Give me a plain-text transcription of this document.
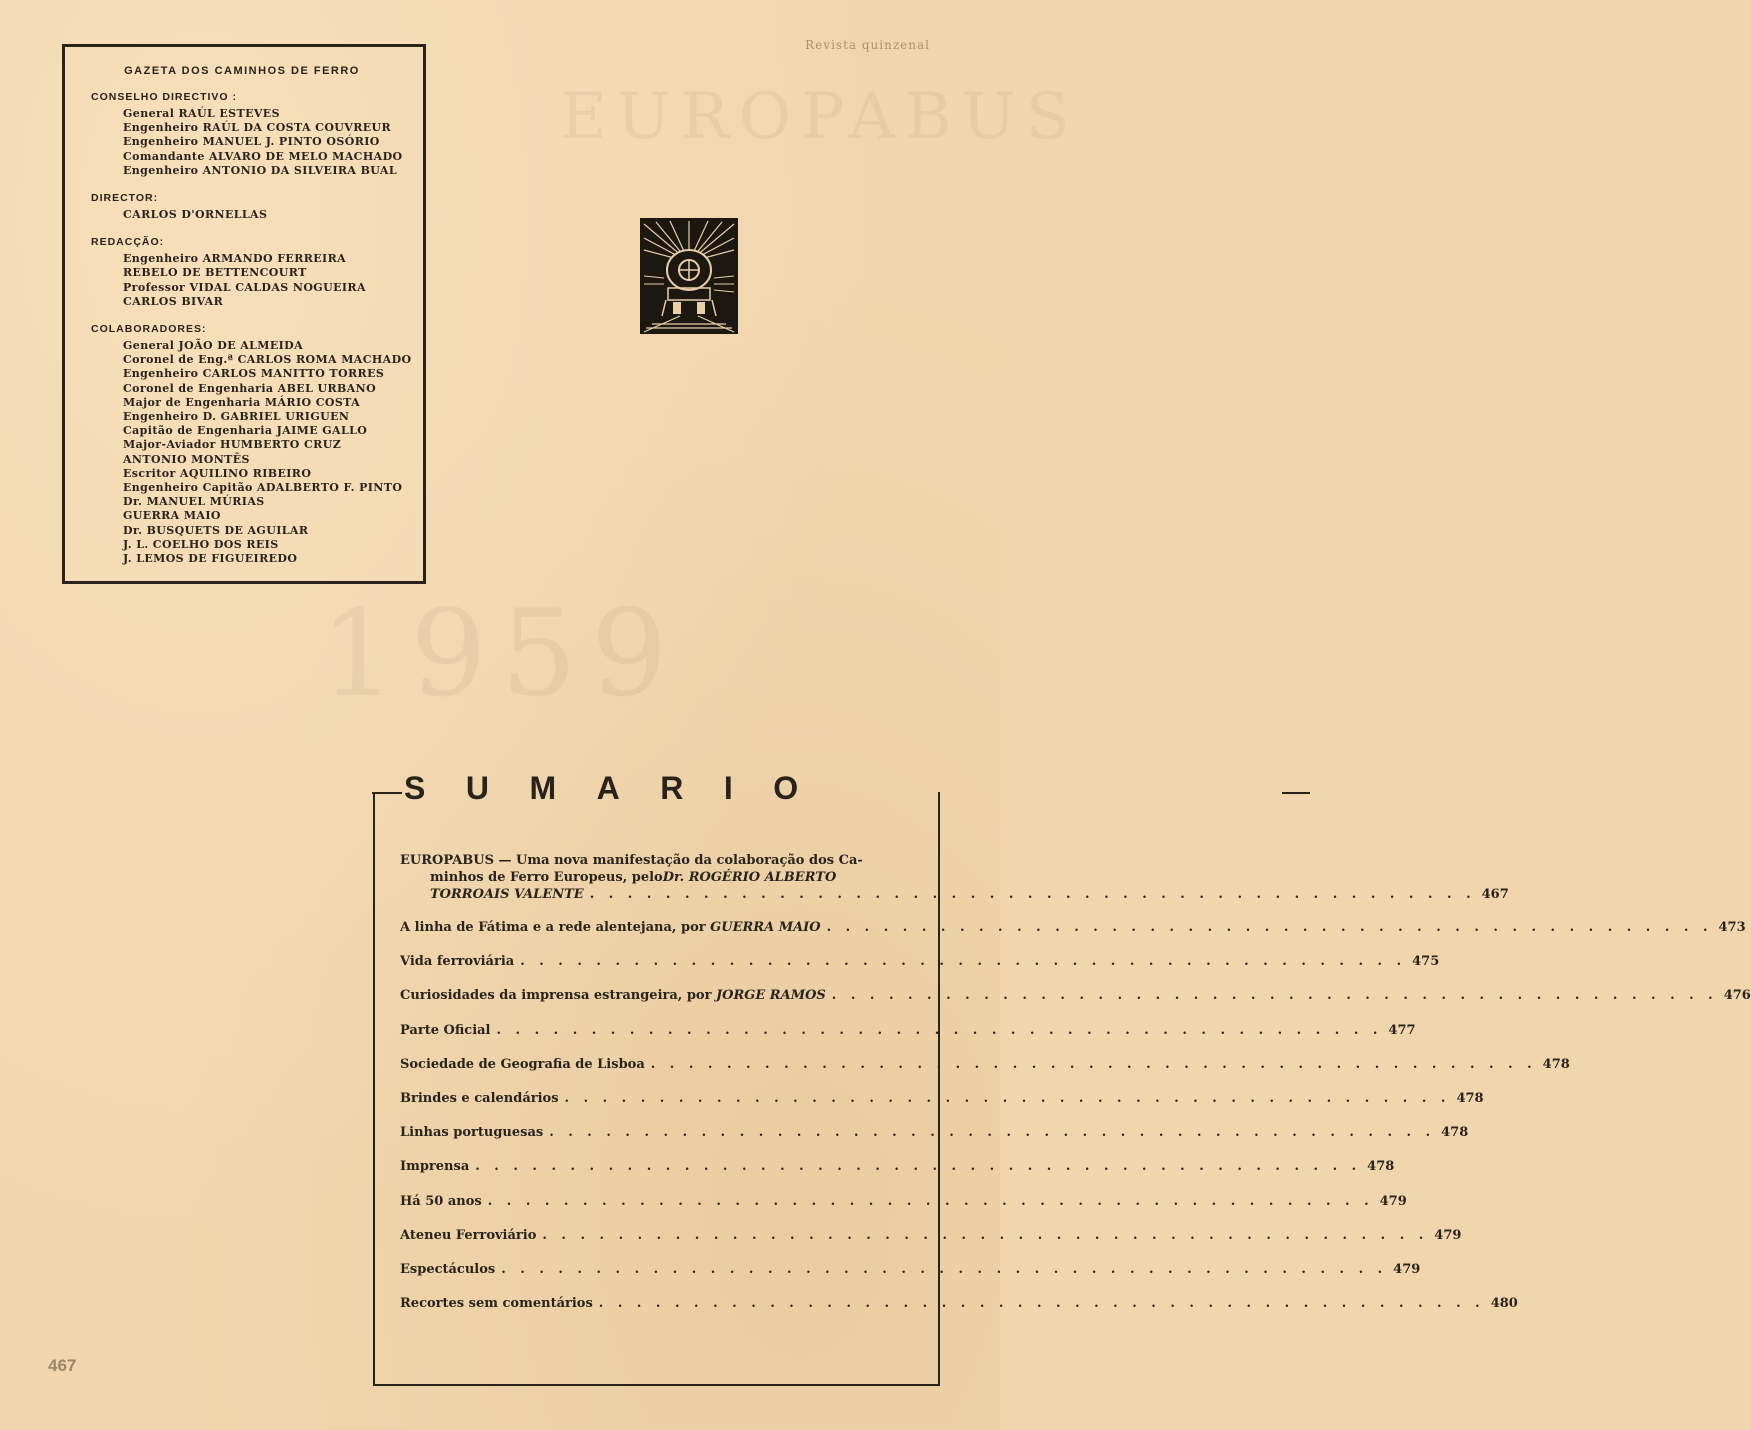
Revista quinzenal
EUROPABUS
1959
467
GAZETA DOS CAMINHOS DE FERRO
CONSELHO DIRECTIVO :
General RAÚL ESTEVES
Engenheiro RAÚL DA COSTA COUVREUR
Engenheiro MANUEL J. PINTO OSÓRIO
Comandante ALVARO DE MELO MACHADO
Engenheiro ANTONIO DA SILVEIRA BUAL
DIRECTOR:
CARLOS D'ORNELLAS
REDACÇÃO:
Engenheiro ARMANDO FERREIRA
REBELO DE BETTENCOURT
Professor VIDAL CALDAS NOGUEIRA
CARLOS BIVAR
COLABORADORES:
General JOÃO DE ALMEIDA
Coronel de Eng.ª CARLOS ROMA MACHADO
Engenheiro CARLOS MANITTO TORRES
Coronel de Engenharia ABEL URBANO
Major de Engenharia MÁRIO COSTA
Engenheiro D. GABRIEL URIGUEN
Capitão de Engenharia JAIME GALLO
Major-Aviador HUMBERTO CRUZ
ANTONIO MONTÊS
Escritor AQUILINO RIBEIRO
Engenheiro Capitão ADALBERTO F. PINTO
Dr. MANUEL MÚRIAS
GUERRA MAIO
Dr. BUSQUETS DE AGUILAR
J. L. COELHO DOS REIS
J. LEMOS DE FIGUEIREDO
SUMARIO
EUROPABUS — Uma nova manifestação da colaboração dos Ca-
minhos de Ferro Europeus, pelo Dr. ROGÉRIO ALBERTO
TORROAIS VALENTE . . .	467
A linha de Fátima e a rede alentejana, por GUERRA MAIO . . .	473
Vida ferroviária . . .	475
Curiosidades da imprensa estrangeira, por JORGE RAMOS . . .	476
Parte Oficial . . .	477
Sociedade de Geografia de Lisboa . . .	478
Brindes e calendários . . .	478
Linhas portuguesas . . .	478
Imprensa . . .	478
Há 50 anos . . .	479
Ateneu Ferroviário . . .	479
Espectáculos . . .	479
Recortes sem comentários . . .	480
